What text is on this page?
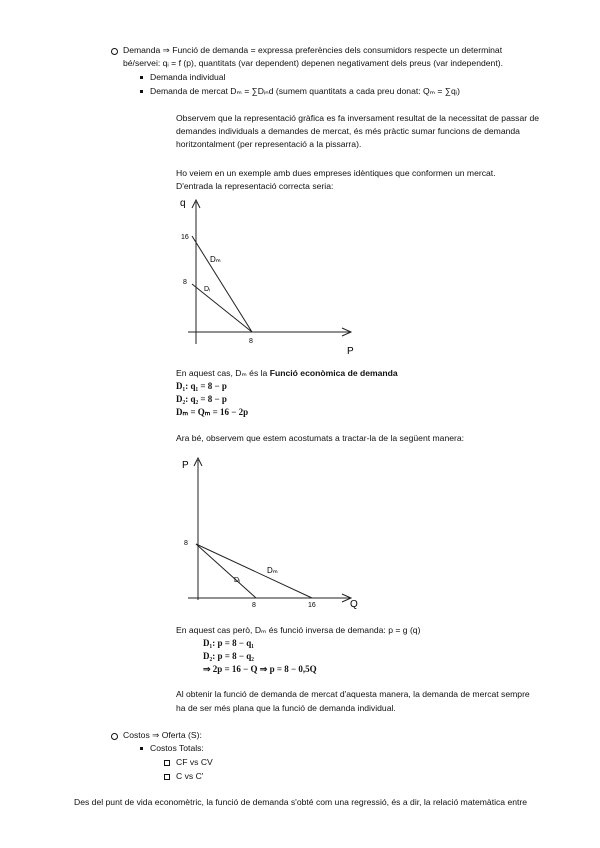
Demanda ⇒ Funció de demanda = expressa preferències dels consumidors respecte un determinat
bé/servei: qᵢ = f (p), quantitats (var dependent) depenen negativament dels preus (var independent).
Demanda individual
Demanda de mercat Dₘ = ∑Dᵢₙd (sumem quantitats a cada preu donat: Qₘ = ∑qᵢ)
Observem que la representació gràfica es fa inversament resultat de la necessitat de passar de
demandes individuals a demandes de mercat, és més pràctic sumar funcions de demanda
horitzontalment (per representació a la pissarra).
Ho veiem en un exemple amb dues empreses idèntiques que conformen un mercat.
D'entrada la representació correcta seria:
q
16
8
8
P
Dₘ
Dᵢ
En aquest cas, Dₘ és la Funció econòmica de demanda
D₁: q₁ = 8 − p
D₂: q₂ = 8 − p
Dₘ = Qₘ = 16 − 2p
Ara bé, observem que estem acostumats a tractar-la de la següent manera:
P
8
8	16	Q
Dₘ
Dᵢ
En aquest cas però, Dₘ és funció inversa de demanda: p = g (q)
D₁: p = 8 − q₁
D₂: p = 8 − q₂
⇒ 2p = 16 − Q ⇒ p = 8 − 0,5Q
Al obtenir la funció de demanda de mercat d'aquesta manera, la demanda de mercat sempre
ha de ser més plana que la funció de demanda individual.
Costos ⇒ Oferta (S):
Costos Totals:
CF vs CV
C vs C'
Des del punt de vida economètric, la funció de demanda s'obté com una regressió, és a dir, la relació matemàtica entre
